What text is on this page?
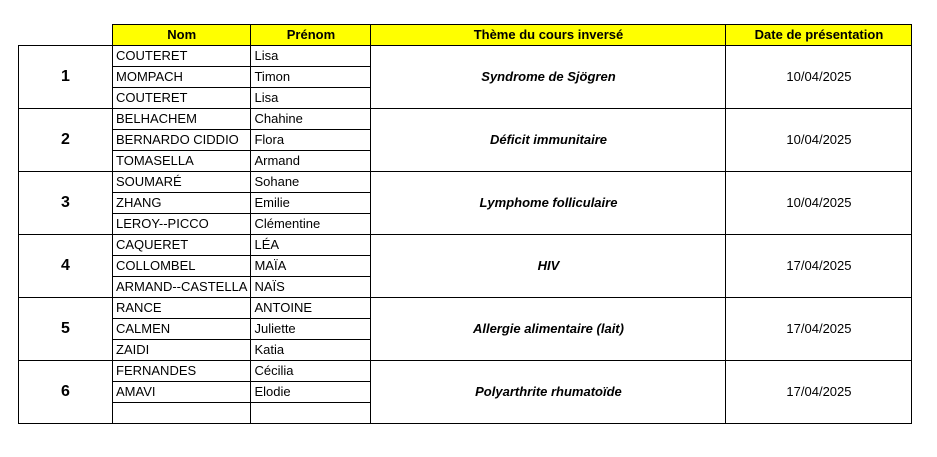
	Nom	Prénom	Thème du cours inversé	Date de présentation
1	COUTERET	Lisa	Syndrome de Sjögren	10/04/2025
	MOMPACH	Timon		
	COUTERET	Lisa		
2	BELHACHEM	Chahine	Déficit immunitaire	10/04/2025
	BERNARDO CIDDIO	Flora		
	TOMASELLA	Armand		
3	SOUMARÉ	Sohane	Lymphome folliculaire	10/04/2025
	ZHANG	Emilie		
	LEROY--PICCO	Clémentine		
4	CAQUERET	LÉA	HIV	17/04/2025
	COLLOMBEL	MAÏA		
	ARMAND--CASTELLA	NAÏS		
5	RANCE	ANTOINE	Allergie alimentaire (lait)	17/04/2025
	CALMEN	Juliette		
	ZAIDI	Katia		
6	FERNANDES	Cécilia	Polyarthrite rhumatoïde	17/04/2025
	AMAVI	Elodie		
